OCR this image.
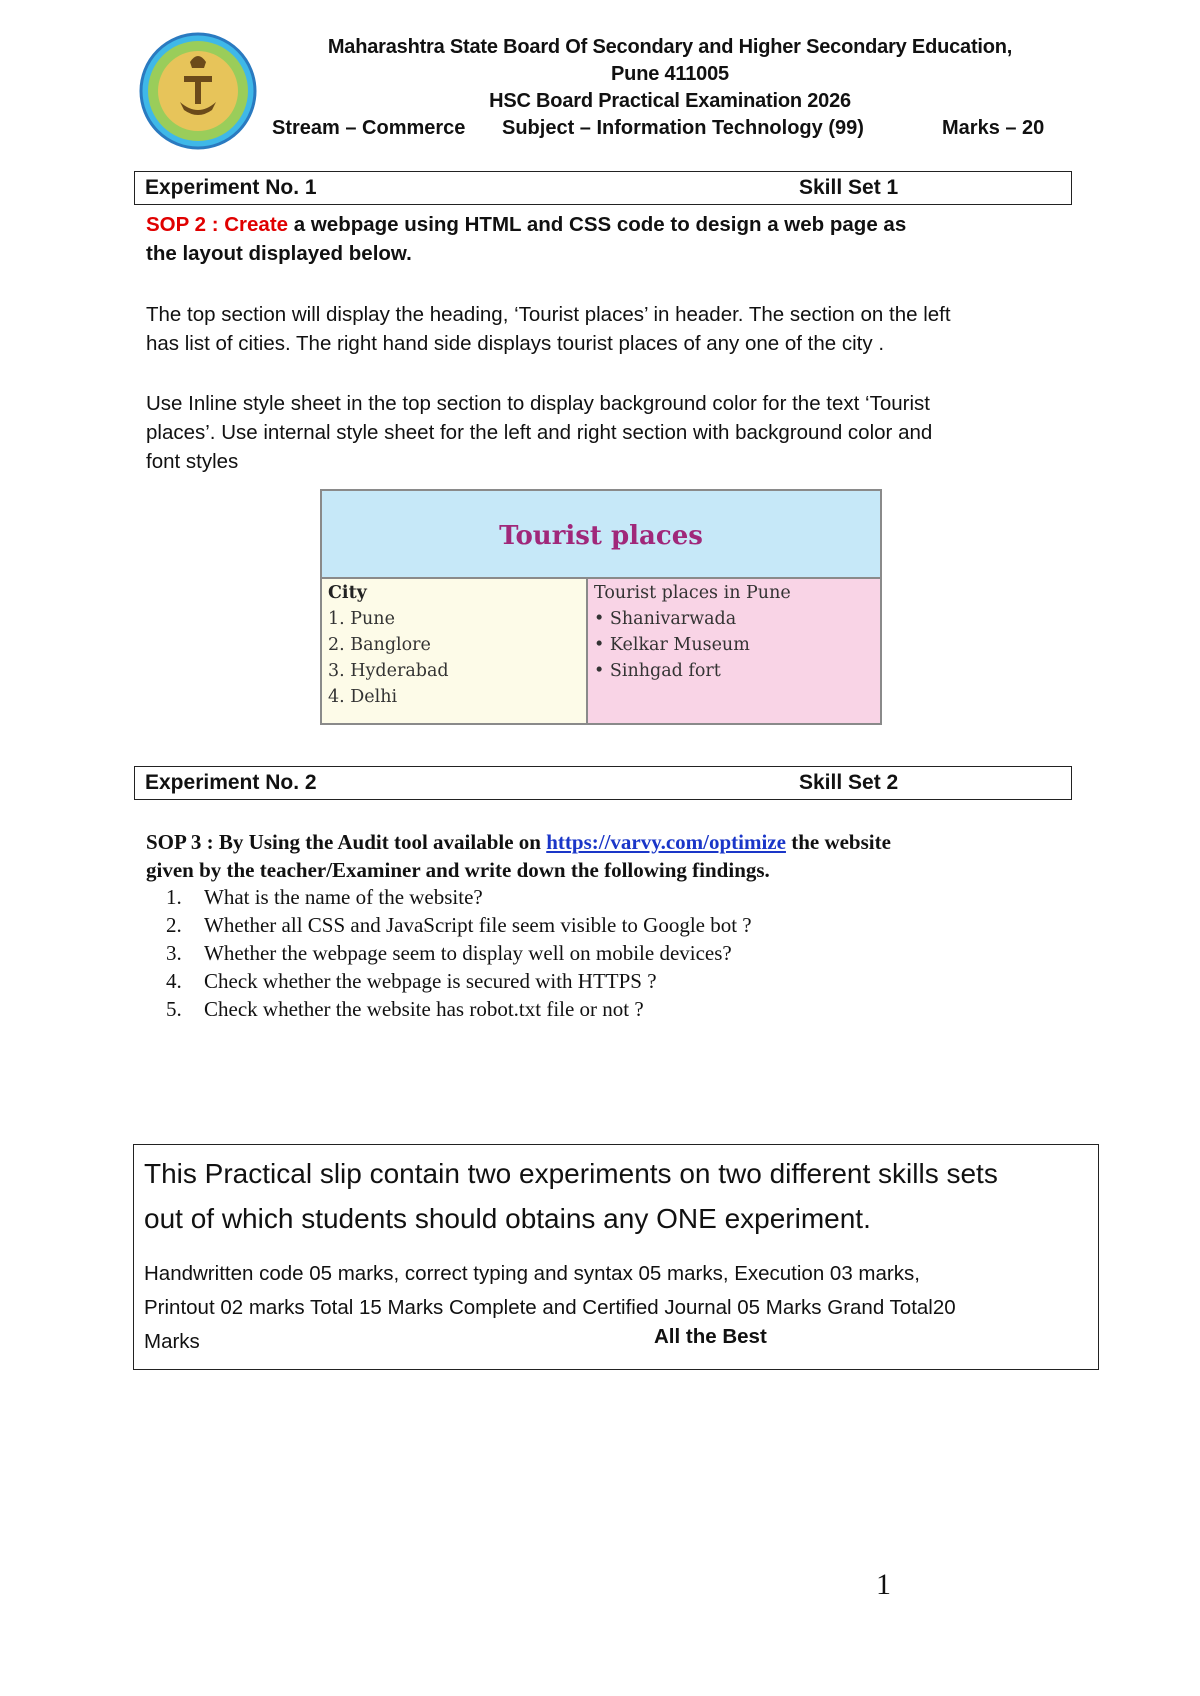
Maharashtra State Board Of Secondary and Higher Secondary Education,
Pune 411005
HSC Board Practical Examination 2026
Stream – Commerce Subject – Information Technology (99)	Marks – 20
Experiment No. 1	Skill Set 1
SOP 2 : Create a webpage using HTML and CSS code to design a web page as
the layout displayed below.
The top section will display the heading, ‘Tourist places’ in header. The section on the left
has list of cities. The right hand side displays tourist places of any one of the city .
Use Inline style sheet in the top section to display background color for the text ‘Tourist
places’. Use internal style sheet for the left and right section with background color and
font styles
Tourist places
City
1. Pune
2. Banglore
3. Hyderabad
4. Delhi
Tourist places in Pune
• Shanivarwada
• Kelkar Museum
• Sinhgad fort
Experiment No. 2	Skill Set 2
SOP 3 : By Using the Audit tool available on https://varvy.com/optimize the website
given by the teacher/Examiner and write down the following findings.
1. What is the name of the website?
2. Whether all CSS and JavaScript file seem visible to Google bot ?
3. Whether the webpage seem to display well on mobile devices?
4. Check whether the webpage is secured with HTTPS ?
5. Check whether the website has robot.txt file or not ?
This Practical slip contain two experiments on two different skills sets
out of which students should obtains any ONE experiment.
Handwritten code 05 marks, correct typing and syntax 05 marks, Execution 03 marks,
Printout 02 marks Total 15 Marks Complete and Certified Journal 05 Marks Grand Total20
Marks	All the Best
1
